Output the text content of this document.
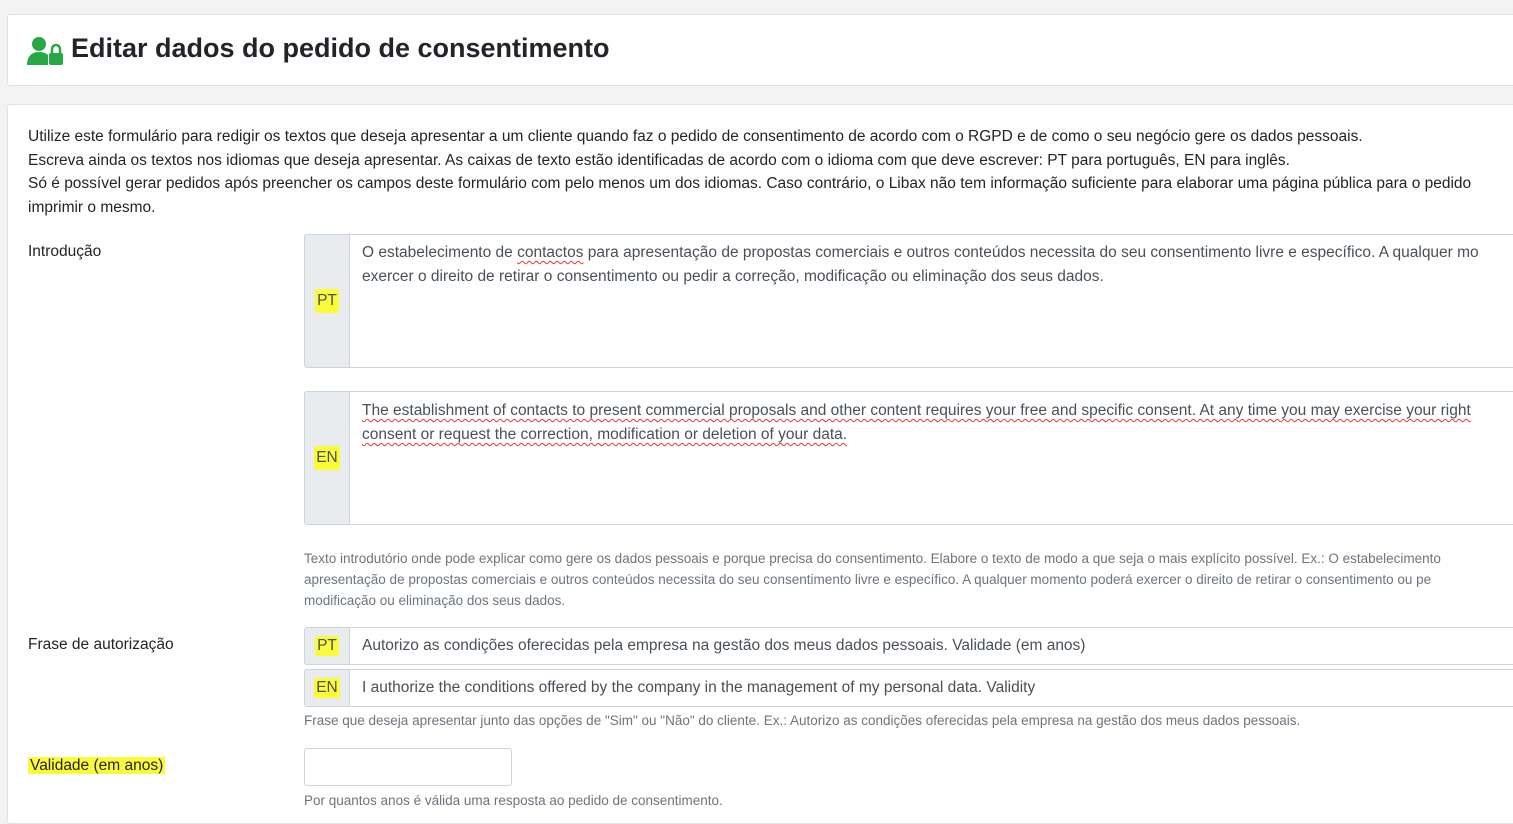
Editar dados do pedido de consentimento
Utilize este formulário para redigir os textos que deseja apresentar a um cliente quando faz o pedido de consentimento de acordo com o RGPD e de como o seu negócio gere os dados pessoais.
Escreva ainda os textos nos idiomas que deseja apresentar. As caixas de texto estão identificadas de acordo com o idioma com que deve escrever: PT para português, EN para inglês.
Só é possível gerar pedidos após preencher os campos deste formulário com pelo menos um dos idiomas. Caso contrário, o Libax não tem informação suficiente para elaborar uma página pública para o pedido
imprimir o mesmo.
Introdução
PT
O estabelecimento de contactos para apresentação de propostas comerciais e outros conteúdos necessita do seu consentimento livre e específico. A qualquer mo
exercer o direito de retirar o consentimento ou pedir a correção, modificação ou eliminação dos seus dados.
EN
The establishment of contacts to present commercial proposals and other content requires your free and specific consent. At any time you may exercise your right
consent or request the correction, modification or deletion of your data.
Texto introdutório onde pode explicar como gere os dados pessoais e porque precisa do consentimento. Elabore o texto de modo a que seja o mais explícito possível. Ex.: O estabelecimento
apresentação de propostas comerciais e outros conteúdos necessita do seu consentimento livre e específico. A qualquer momento poderá exercer o direito de retirar o consentimento ou pe
modificação ou eliminação dos seus dados.
Frase de autorização	PT Autorizo as condições oferecidas pela empresa na gestão dos meus dados pessoais. Validade (em anos)
EN I authorize the conditions offered by the company in the management of my personal data. Validity
Frase que deseja apresentar junto das opções de "Sim" ou "Não" do cliente. Ex.: Autorizo as condições oferecidas pela empresa na gestão dos meus dados pessoais.
Validade (em anos)
Por quantos anos é válida uma resposta ao pedido de consentimento.
